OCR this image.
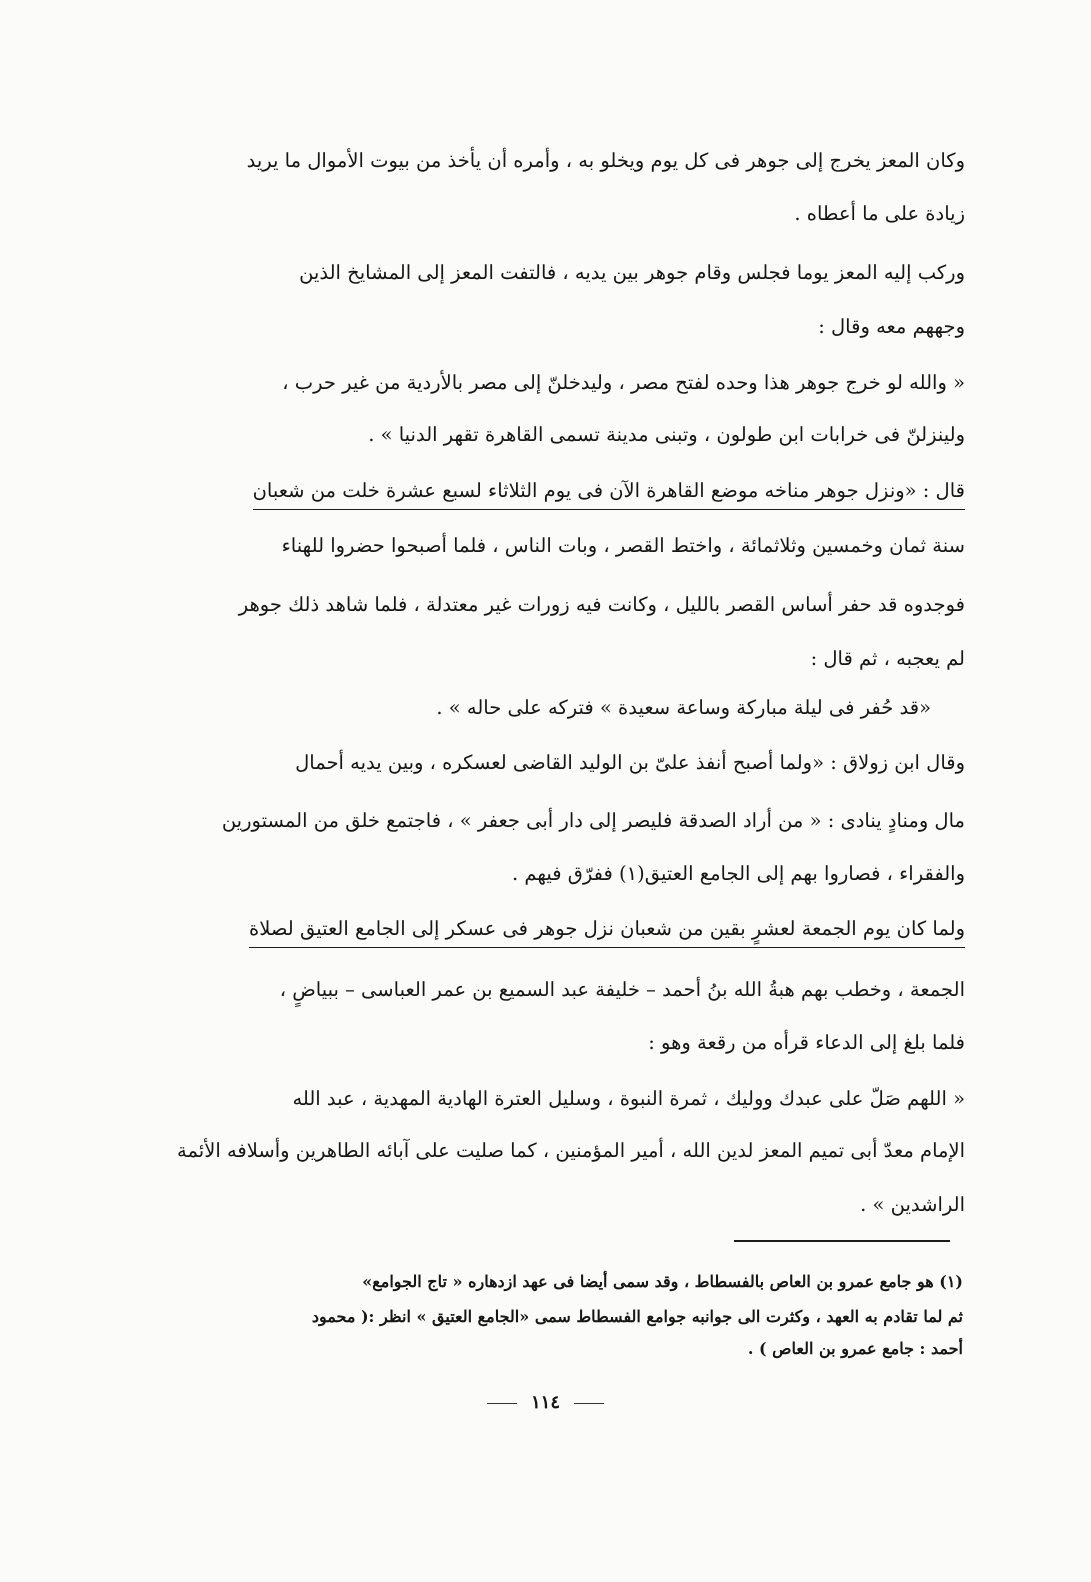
وكان المعز يخرج إلى جوهر فى كل يوم ويخلو به ، وأمره أن يأخذ من بيوت الأموال ما يريد
زيادة على ما أعطاه .
وركب إليه المعز يوما فجلس وقام جوهر بين يديه ، فالتفت المعز إلى المشايخ الذين
وجههم معه وقال :
« والله لو خرج جوهر هذا وحده لفتح مصر ، وليدخلنّ إلى مصر بالأردية من غير حرب ،
ولينزلنّ فى خرابات ابن طولون ، وتبنى مدينة تسمى القاهرة تقهر الدنيا » .
قال : «ونزل جوهر مناخه موضع القاهرة الآن فى يوم الثلاثاء لسبع عشرة خلت من شعبان
سنة ثمان وخمسين وثلاثمائة ، واختط القصر ، وبات الناس ، فلما أصبحوا حضروا للهناء
فوجدوه قد حفر أساس القصر بالليل ، وكانت فيه زورات غير معتدلة ، فلما شاهد ذلك جوهر
لم يعجبه ، ثم قال :
«قد حُفر فى ليلة مباركة وساعة سعيدة » فتركه على حاله » .
وقال ابن زولاق : «ولما أصبح أنفذ علىّ بن الوليد القاضى لعسكره ، وبين يديه أحمال
مال ومنادٍ ينادى : « من أراد الصدقة فليصر إلى دار أبى جعفر » ، فاجتمع خلق من المستورين
والفقراء ، فصاروا بهم إلى الجامع العتيق(١) ففرّق فيهم .
ولما كان يوم الجمعة لعشرٍ بقين من شعبان نزل جوهر فى عسكر إلى الجامع العتيق لصلاة
الجمعة ، وخطب بهم هبةُ الله بنُ أحمد – خليفة عبد السميع بن عمر العباسى – ببياضٍ ،
فلما بلغ إلى الدعاء قرأه من رقعة وهو :
« اللهم صَلّ على عبدك ووليك ، ثمرة النبوة ، وسليل العترة الهادية المهدية ، عبد الله
الإمام معدّ أبى تميم المعز لدين الله ، أمير المؤمنين ، كما صليت على آبائه الطاهرين وأسلافه الأئمة
الراشدين » .
(١) هو جامع عمرو بن العاص بالفسطاط ، وقد سمى أيضا فى عهد ازدهاره « تاج الجوامع»
ثم لما تقادم به العهد ، وكثرت الى جوانبه جوامع الفسطاط سمى «الجامع العتيق » انظر :( محمود
أحمد : جامع عمرو بن العاص ) .
١١٤
